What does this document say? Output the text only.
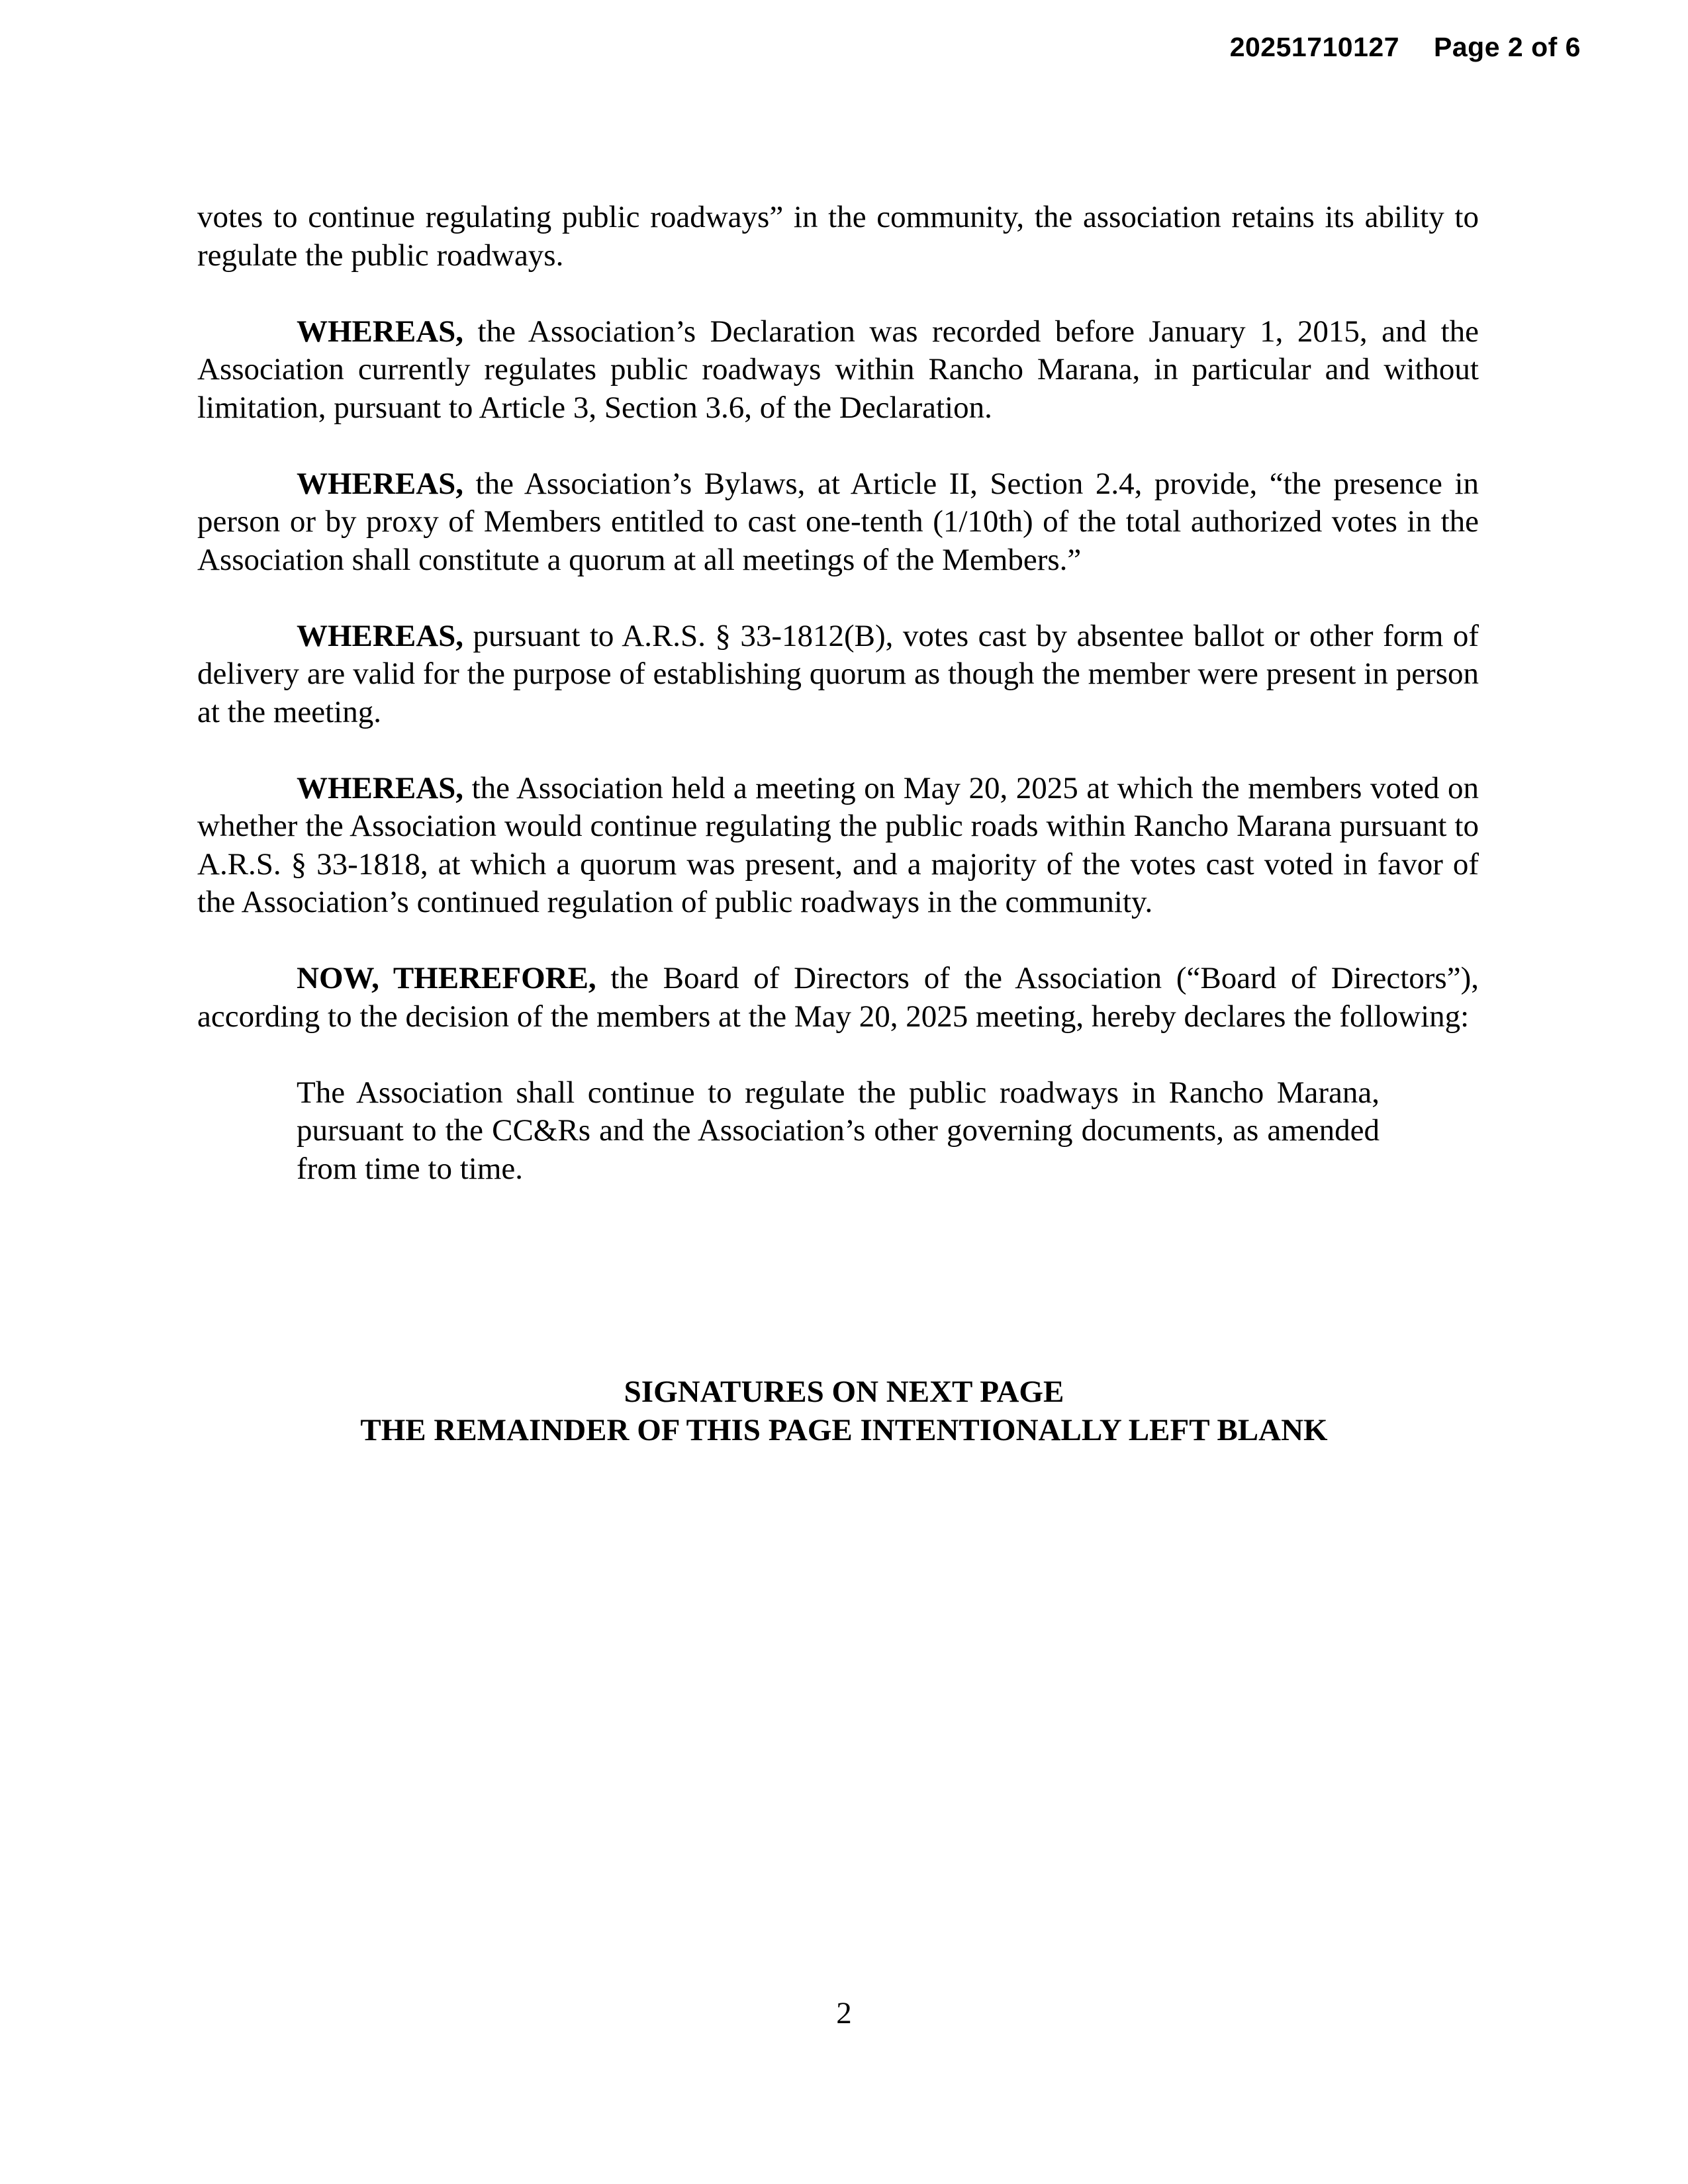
20251710127 Page 2 of 6

votes to continue regulating public roadways” in the community, the association retains its ability to regulate the public roadways.

WHEREAS, the Association’s Declaration was recorded before January 1, 2015, and the Association currently regulates public roadways within Rancho Marana, in particular and without limitation, pursuant to Article 3, Section 3.6, of the Declaration.

WHEREAS, the Association’s Bylaws, at Article II, Section 2.4, provide, “the presence in person or by proxy of Members entitled to cast one-tenth (1/10th) of the total authorized votes in the Association shall constitute a quorum at all meetings of the Members.”

WHEREAS, pursuant to A.R.S. § 33-1812(B), votes cast by absentee ballot or other form of delivery are valid for the purpose of establishing quorum as though the member were present in person at the meeting.

WHEREAS, the Association held a meeting on May 20, 2025 at which the members voted on whether the Association would continue regulating the public roads within Rancho Marana pursuant to A.R.S. § 33-1818, at which a quorum was present, and a majority of the votes cast voted in favor of the Association’s continued regulation of public roadways in the community.

NOW, THEREFORE, the Board of Directors of the Association (“Board of Directors”), according to the decision of the members at the May 20, 2025 meeting, hereby declares the following:

The Association shall continue to regulate the public roadways in Rancho Marana, pursuant to the CC&Rs and the Association’s other governing documents, as amended from time to time.

SIGNATURES ON NEXT PAGE
THE REMAINDER OF THIS PAGE INTENTIONALLY LEFT BLANK
2
